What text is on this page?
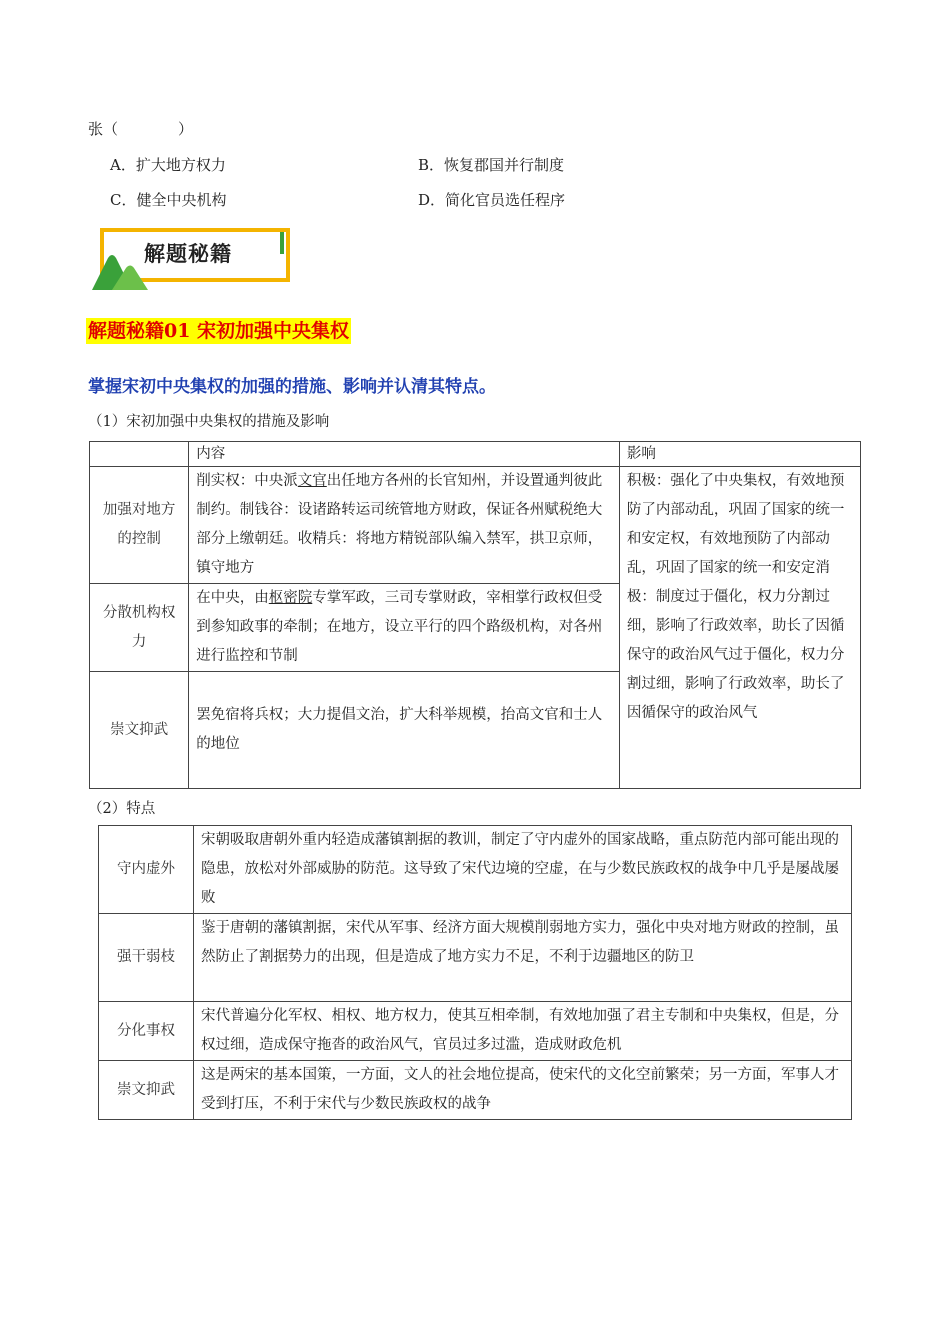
张（　　　　）
A．扩大地方权力	B．恢复郡国并行制度
C．健全中央机构	D．简化官员选任程序
解题秘籍
解题秘籍01 宋初加强中央集权
掌握宋初中央集权的加强的措施、影响并认清其特点。
（1）宋初加强中央集权的措施及影响
	内容	影响
加强对地方的控制	削实权：中央派文官出任地方各州的长官知州，并设置通判彼此制约。制钱谷：设诸路转运司统管地方财政，保证各州赋税绝大部分上缴朝廷。收精兵：将地方精锐部队编入禁军，拱卫京师，镇守地方	积极：强化了中央集权，有效地预防了内部动乱，巩固了国家的统一和安定权，有效地预防了内部动乱，巩固了国家的统一和安定消极：制度过于僵化，权力分割过细，影响了行政效率，助长了因循保守的政治风气过于僵化，权力分割过细，影响了行政效率，助长了因循保守的政治风气
分散机构权力	在中央，由枢密院专掌军政，三司专掌财政，宰相掌行政权但受到参知政事的牵制；在地方，设立平行的四个路级机构，对各州进行监控和节制	
崇文抑武	罢免宿将兵权；大力提倡文治，扩大科举规模，抬高文官和士人的地位	
（2）特点
守内虚外	宋朝吸取唐朝外重内轻造成藩镇割据的教训，制定了守内虚外的国家战略，重点防范内部可能出现的隐患，放松对外部威胁的防范。这导致了宋代边境的空虚，在与少数民族政权的战争中几乎是屡战屡败
强干弱枝	鉴于唐朝的藩镇割据，宋代从军事、经济方面大规模削弱地方实力，强化中央对地方财政的控制，虽然防止了割据势力的出现，但是造成了地方实力不足，不利于边疆地区的防卫
分化事权	宋代普遍分化军权、相权、地方权力，使其互相牵制，有效地加强了君主专制和中央集权，但是，分权过细，造成保守拖沓的政治风气，官员过多过滥，造成财政危机
崇文抑武	这是两宋的基本国策，一方面，文人的社会地位提高，使宋代的文化空前繁荣；另一方面，军事人才受到打压，不利于宋代与少数民族政权的战争
